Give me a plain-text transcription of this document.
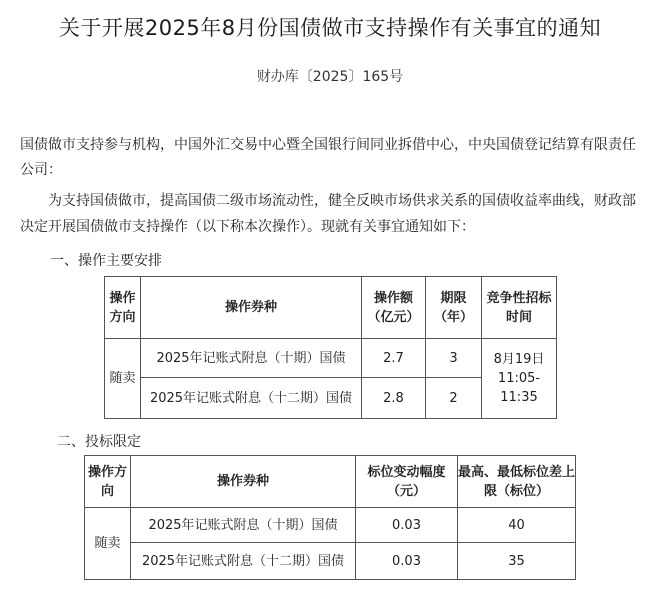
关于开展2025年8月份国债做市支持操作有关事宜的通知
财办库〔2025〕165号
国债做市支持参与机构，中国外汇交易中心暨全国银行间同业拆借中心，中央国债登记结算有限责任公司：
为支持国债做市，提高国债二级市场流动性，健全反映市场供求关系的国债收益率曲线，财政部决定开展国债做市支持操作（以下称本次操作）。现就有关事宜通知如下：
一、操作主要安排
操作方向	操作券种	操作额（亿元）	期限（年）	竞争性招标时间
随卖	2025年记账式附息（十期）国债	2.7	3	8月19日
11:05-
11:35

	2025年记账式附息（十二期）国债	2.8	2	
二、投标限定
操作方向	操作券种	标位变动幅度（元）	最高、最低标位差上限（标位）
随卖	2025年记账式附息（十期）国债	0.03	40
	2025年记账式附息（十二期）国债	0.03	35
